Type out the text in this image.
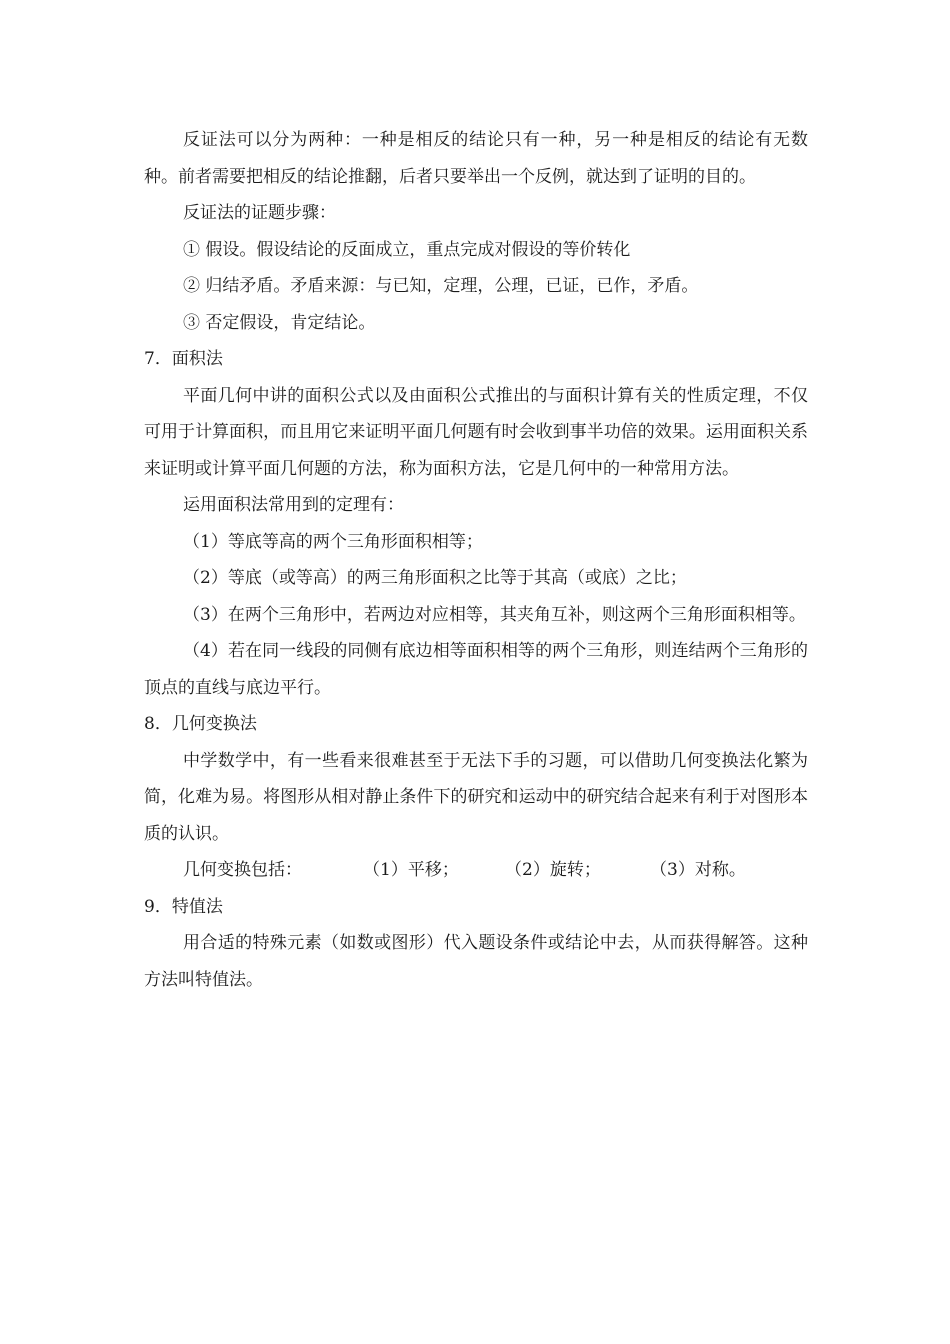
反证法可以分为两种：一种是相反的结论只有一种，另一种是相反的结论有无数种。前者需要把相反的结论推翻，后者只要举出一个反例，就达到了证明的目的。

反证法的证题步骤：

① 假设。假设结论的反面成立，重点完成对假设的等价转化

② 归结矛盾。矛盾来源：与已知，定理，公理，已证，已作，矛盾。

③ 否定假设，肯定结论。

7．面积法

平面几何中讲的面积公式以及由面积公式推出的与面积计算有关的性质定理，不仅可用于计算面积，而且用它来证明平面几何题有时会收到事半功倍的效果。运用面积关系来证明或计算平面几何题的方法，称为面积方法，它是几何中的一种常用方法。

运用面积法常用到的定理有：

（1）等底等高的两个三角形面积相等；

（2）等底（或等高）的两三角形面积之比等于其高（或底）之比；

（3）在两个三角形中，若两边对应相等，其夹角互补，则这两个三角形面积相等。

（4）若在同一线段的同侧有底边相等面积相等的两个三角形，则连结两个三角形的顶点的直线与底边平行。

8．几何变换法

中学数学中，有一些看来很难甚至于无法下手的习题，可以借助几何变换法化繁为简，化难为易。将图形从相对静止条件下的研究和运动中的研究结合起来有利于对图形本质的认识。

几何变换包括：	（1）平移；	（2）旋转；	（3）对称。

9．特值法

用合适的特殊元素（如数或图形）代入题设条件或结论中去，从而获得解答。这种方法叫特值法。
